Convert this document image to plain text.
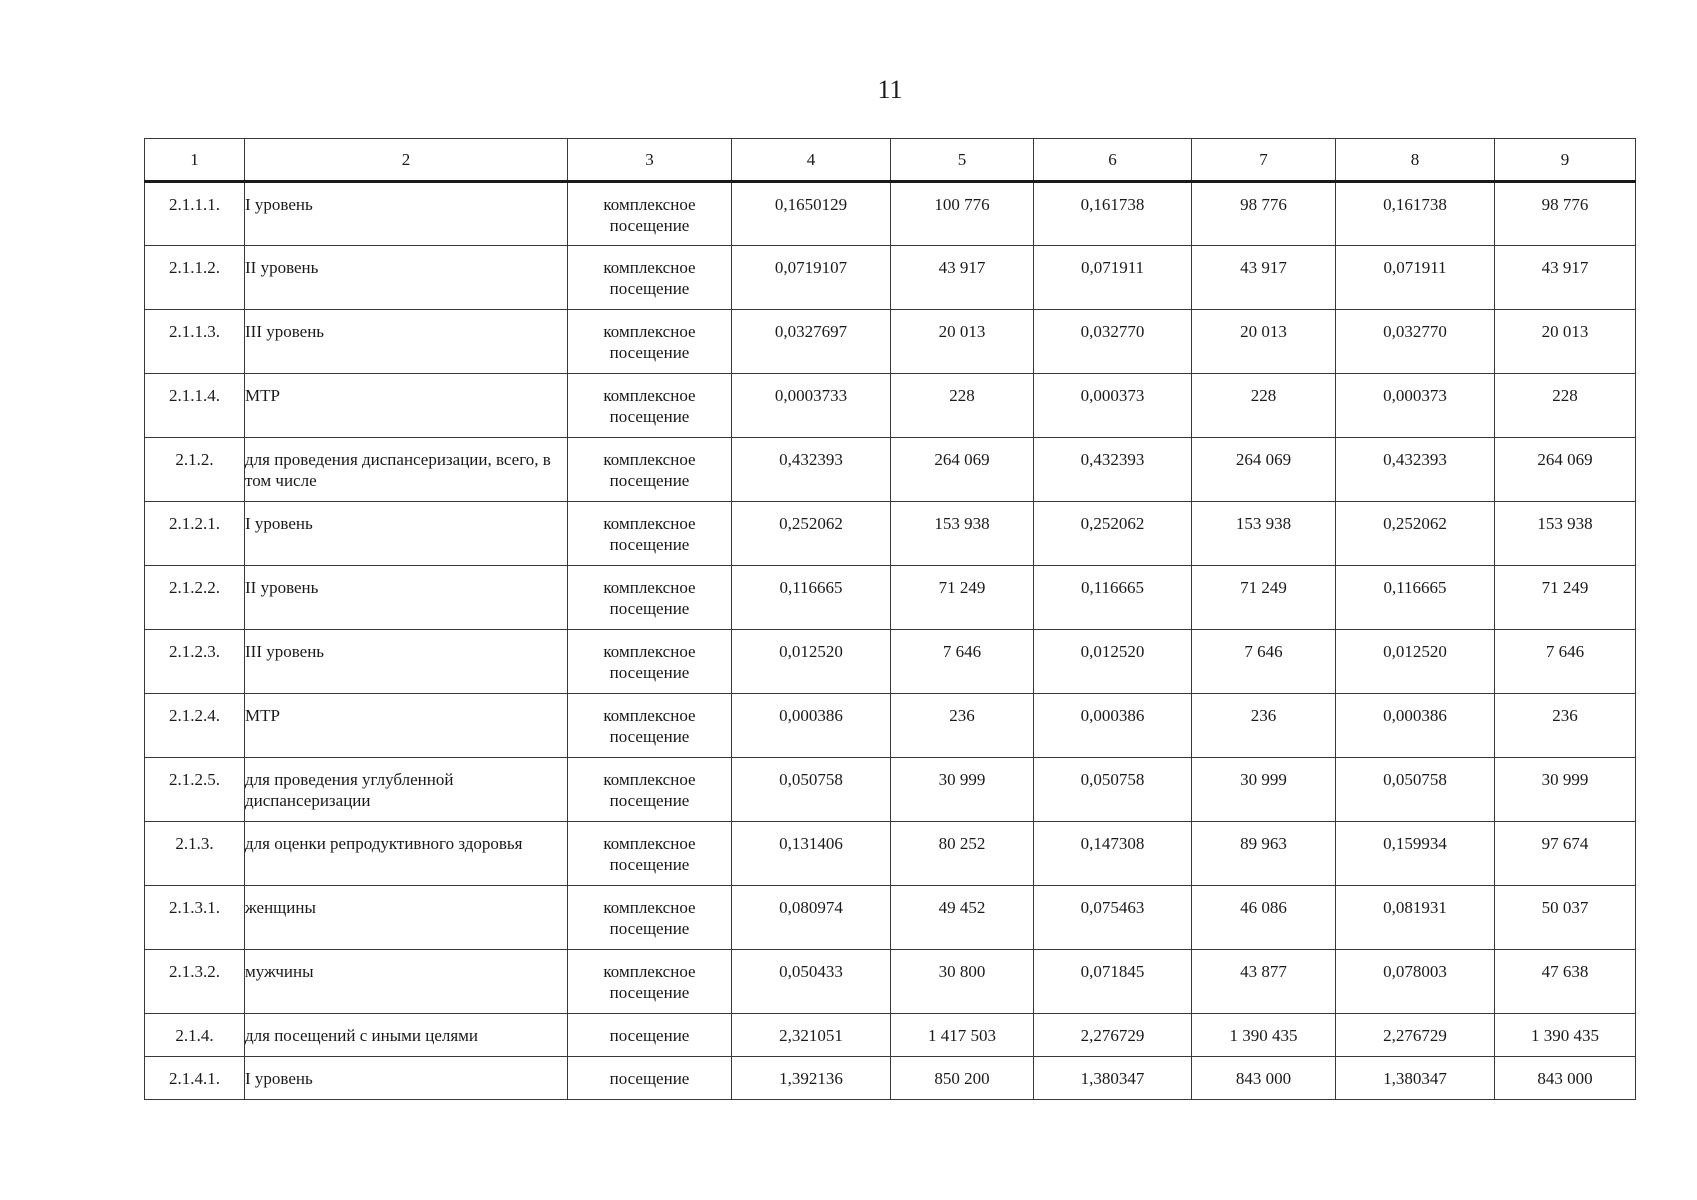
11
1	2	3	4	5	6	7	8	9
2.1.1.1.	I уровень	комплексное посещение	0,1650129	100 776	0,161738	98 776	0,161738	98 776
2.1.1.2.	II уровень	комплексное посещение	0,0719107	43 917	0,071911	43 917	0,071911	43 917
2.1.1.3.	III уровень	комплексное посещение	0,0327697	20 013	0,032770	20 013	0,032770	20 013
2.1.1.4.	МТР	комплексное посещение	0,0003733	228	0,000373	228	0,000373	228
2.1.2.	для проведения диспансеризации, всего, в том числе	комплексное посещение	0,432393	264 069	0,432393	264 069	0,432393	264 069
2.1.2.1.	I уровень	комплексное посещение	0,252062	153 938	0,252062	153 938	0,252062	153 938
2.1.2.2.	II уровень	комплексное посещение	0,116665	71 249	0,116665	71 249	0,116665	71 249
2.1.2.3.	III уровень	комплексное посещение	0,012520	7 646	0,012520	7 646	0,012520	7 646
2.1.2.4.	МТР	комплексное посещение	0,000386	236	0,000386	236	0,000386	236
2.1.2.5.	для проведения углубленной диспансеризации	комплексное посещение	0,050758	30 999	0,050758	30 999	0,050758	30 999
2.1.3.	для оценки репродуктивного здоровья	комплексное посещение	0,131406	80 252	0,147308	89 963	0,159934	97 674
2.1.3.1.	женщины	комплексное посещение	0,080974	49 452	0,075463	46 086	0,081931	50 037
2.1.3.2.	мужчины	комплексное посещение	0,050433	30 800	0,071845	43 877	0,078003	47 638
2.1.4.	для посещений с иными целями	посещение	2,321051	1 417 503	2,276729	1 390 435	2,276729	1 390 435
2.1.4.1.	I уровень	посещение	1,392136	850 200	1,380347	843 000	1,380347	843 000
